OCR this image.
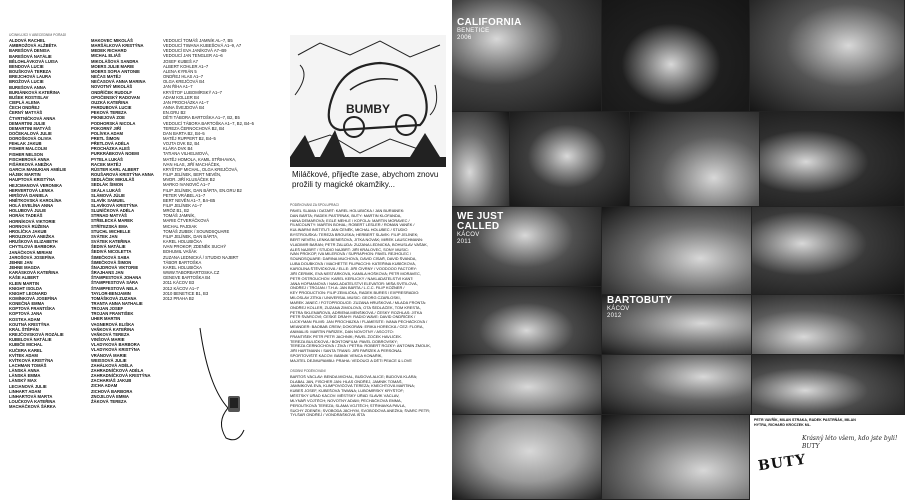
ÚČINKUJÍCÍ V ABECEDNÍM POŘADÍ
ALDOVÁ RACHEL
AMBROŽOVÁ ALŽBĚTA
BAREŠOVÁ DENISA
BAREŠOVÁ NATÁLIE
BĚLOHLÁVKOVÁ LUISA
BENDOVÁ LUCIE
BOUŠKOVÁ TEREZA
BREJCHOVÁ LAURA
BROŽOVÁ LUCIE
BUREŠOVÁ ANNA
BURIÁNKOVÁ KATEŘINA
BUŠEK ROSTISLAV
CIEPLÁ ALENA
ČECH ONDŘEJ
ČERNÝ MATYÁŠ
ČTVRTNÍČKOVÁ ANNA
DEMARTINI JULIE
DEMARTINI MATYÁŠ
DOČEKALOVÁ JULIE
DOROŠKOVÁ OLIVIA
FEHLAK JAKUB
FISHER MALCOLM
FISHER NELSON
FISCHEROVÁ ANNA
FIŠÁRKOVÁ ANEŽKA
GARCIA MANUKIAN AMÉLIE
HÁJEK MARTIN
HAUPTOVÁ KRISTÝNA
HEJCMANOVÁ VERONIKA
HERVERTOVÁ LENKA
HIRŠOVÁ DANIELA
HNĚTKOVSKÁ KAROLÍNA
HOLÁ EVELÍNA ANNA
HOLUBOVÁ JULIE
HORÁK TADEÁŠ
HORNÍKOVÁ VIKTORIE
HORNOVÁ RŮŽENA
HROLÍČKA JAKUB
HROUZKOVÁ ANEŽKA
HRUŠKOVÁ ELIZABETH
CHYTILOVÁ BARBORA
JANÁČKOVÁ MIRIAM
JAROŠOVÁ JOSEFÍNA
JEHNE JAN
JEHNE MAGDA
KARÁSKOVÁ KATEŘINA
KÁŠE ALBERT
KLEIN MARTIN
KNIGHT ISOLDA
KNIGHT LEONARD
KOMÍNKOVÁ JOSEFÍNA
KONEČNÁ EMMA
KOPTOVÁ FRANTIŠKA
KOPTOVÁ JANA
KOSTKA ADAM
KOUTNÁ KRISTÝNA
KRÁL ŠTĚPÁN
KREJČOVSKOVÁ ROZÁLIE
KUBELOVÁ NATÁLIE
KUBIČE MICHAL
KUČERA KAREL
KVÍTEK ADAM
KVÍTKOVÁ KRISTÝNA
LACHMAN TOMÁŠ
LÁNSKÁ ANNA
LÁNSKÁ EMMA
LÁNSKÝ MAX
LECIANOVÁ JULIE
LINHART ADAM
LINHARTOVÁ MARTA
LOUČKOVÁ KATEŘINA
MACHÁČKOVÁ ŠÁRKA
MAKOVEC MIKOLÁŠ
MARŠÁLKOVÁ KRISTÝNA
MEDEK RICHARD
MICHAL ELIÁŠ
MIKOLÁŠOVÁ SANDRA
MOERS JULIE MARIE
MOERS SOFIA ANTONIE
NEČAS MATĚJ
NEČASOVÁ ANNA MARINA
NOVOTNÝ MIKOLÁŠ
ONDŘÍČEK RUDOLF
OPOČENSKÝ RADOVAN
OUZKÁ KATEŘINA
PARDUBOVÁ LUCIE
PEKOVÁ TEREZA
PIKNEJOVÁ ZOE
PODHORSKÁ NICOLA
POKORNÝ JIŘÍ
POLÍVKA ADAM
PRETL ŠIMON
PŘETLOVÁ ADÉLA
PROCHÁZKA ALEŠ
PURKRÁBKOVÁ NOEMI
PYTELA LUKÁŠ
RACEK MATĚJ
RŮSTER KARL ALBERT
ROUŠAROVÁ KRISTÝNA ANNA
SEDLÁČEK MIKULÁŠ
SEDLÁK ŠIMON
SKÁLA LUKÁŠ
SLÁMOVÁ JÚLIE
SLAVÍK SAMUEL
SLAVÍKOVÁ KRISTÝNA
SLUNÍČKOVÁ ADÉLA
STRNAD MATYÁŠ
STŘELECKÁ MAREK
STŘÍTEZSKÁ EMA
STUCHL MICHELLE
SVÁTEK JAN
SVÁTEK KATEŘINA
ŠEDIVÁ NATÁLIE
ŠEDIVÁ NICOLETTA
ŠIMEČKOVÁ SABA
ŠIMEČKOVÁ ŠIMON
ŠNAJDROVÁ VIKTORIE
ŠRAJHANS JAN
ŠTAMPESTOVÁ JOHANA
ŠTAMPFESTOVÁ SÁRA
ŠTAMPFESTOVÁ NELA
TAYLOR-BENJAMIN
TOMÁŠKOVÁ ZUZANA
TRANTA ANNA NATHALIE
TROJAN JOSEF
TROJAN FRANTIŠEK
UHER MARTIN
VAGNEROVÁ ELIŠKA
VAŇKOVÁ KATEŘINA
VAŇKOVÁ TEREZA
VINŠOVÁ MARIE
VLADYKOVÁ BARBORA
VLADYKOVÁ KRISTÝNA
VRÁNOVÁ MARIE
WEISSOVÁ JULIE
ZAHÁLKOVÁ ADÉLA
ZAHRADNÍČKOVÁ ADÉLA
ZAHRADNÍČKOVÁ KRISTÝNA
ZACHARIÁŠ JAKUB
ZICHA ADAM
ZICHOVÁ BARBORA
ZNOJILOVÁ EMMA
ŽÁKOVÁ TEREZA
VEDOUCÍ TOMÁŠ JAMNÍK AL–7, B5
VEDOUCÍ TIWANA KUBEŠOVÁ A1–9, A7
VEDOUCÍ EVA JANÍKOVÁ A7–B9
VEDOUCÍ JAN TENGLER A1–6
JOSEF KUBEŠ A7
ALBERT KOHLER A1–7
ALENA KYRIÁN 5
ONDŘEJ HLAS A1–7
OLGA KREJČOVÁ B4
JAN ŘÍHA A1–7
KRYŠTOF LUBOMÍRSKÝ A1–7
ADAM KOLLER B4
JAN PROCHÁZKA A1–7
ANNA ŠVEJDOVÁ B4
EN.GRU B2
DĚTI TÁBORA BARTOŠKA A1–7, B2, B5
VEDOUCÍ TÁBORA BARTOŠKA A1–7, B2, B4–5
TEREZA ČERNOCHOVÁ B2, B4
DAN BARTA B2, B4–5
MATĚJ RUPPERT B2, B4–5
VOJTA DVK B2, B4
KLÁRA DVK B4
TATIANA VILHELMOVÁ,
MATĚJ HOMOLA, KAMIL STŘIHAVKA,
IVAN HLAS, JIŘÍ MACHÁČEK,
KRYŠTOF MICHAL, OLGA KREJČOVÁ,
FILIP JELÍNEK, BERT NEVĚN,
MVDR. JIŘÍ KLUSÁČEK B2
MARKO IVANOVIČ A1–7
FILIP JELÍNEK, DAN BÁRTA, EN.GRU B2
PETER VRÁBEL A1–7
BERT NEVĚN A1–7, B4–B5
FILIP JELÍNEK A1–7
MRÓZ B1, B2
TOMÁŠ JAMNÍK,
MARIE ČTVERÁČKOVÁ
MICHAL PAJDIAK
TOMÁŠ ZUBEK / SOUNDSQUARE
FILIP JELÍNEK, DAN BÁRTA,
KAREL HOLUBIČKA
IVAN PROKOP, ZDENĚK SUCHÝ
BOHUMIL VAŠÁK
ZUZANA LEDNICKÁ / STUDIO NAJBRT
TÁBOR BARTOŠKA
KAREL HOLUBIČKA
WWW.TABORBARTOSKA.CZ
GENEVE BARTOŠKA B4
2011 KÁCOV B3
2012 KÁCOV A1–7
2010 BENETICE B1, B3
2012 PRAHA B2
BUMBY
Miláčkové, přijeďte zase, abychom znovu prožili ty magické okamžiky...
PODĚKOVÁNÍ ZA SPOLUPRÁCI
PAVEL SLÁMA / DATART: KAREL HOLUBIČKA / JAN BURIÁNEK:
DAN BÁRTA; RADEK PASTRŇÁK, BUTY: MARTIN KLOFANDA,
HANA DEMAROVÁ; EGLÉ MEHLE / KOFOLA: MARTIN MORAVEC /
FILMCOUNTY: MARTIN BOHAL; ROBERT LESLER / ROMAN VANĚK /
KULINÁRNÍ INSTITUT: JAN ČENĚK, MICHAL HOLUBEC / STUDIO
BYSTROUŠKA: TEREZA BROUSKA; HERBERT SLAVÍK: FILIP JELÍNEK;
BERT NEVĚN; LENKA BENEŠOVÁ, JITKA NOVÁK; MIREK LAUSCHMANN:
VLADIMÍR BARAN; PETR ŽALUDA: ZUZANA LEDNICKÁ, BOHUSLAV VAŠÁK,
ALEŠ NAJBRT / STUDIO NAJBRT: JIŘÍ KRÁLOVEC, SONY MUSIC:
IVAN PROKOP, IVA MILEROVÁ / SUPRAPHON: PAVEL REJHOLEC /
SOUNDSQUARE: DARINA MUCHOVÁ, DAVID CÍSAŘ, DAVID ŠVANDA,
LUBA DOUBKOVÁ / MACHETTE FILIPACCHI: KATEŘINA KUBÍČKOVÁ,
KAROLÍNA ŠTĚVÍČKOVÁ / ELLE: JIŘÍ ČIVRNÝ / VOODOOO FACTORY:
JIŘÍ ČERMÍK, EVA NESTÁRKOVÁ, KAMILA HOŠKOVÁ; PETR MORAVEC,
PETR OSTROUCHOV: KAREL KERLICKÝ / NAKLADATELSTVÍ KANT:
JANA HOFMANOVÁ / NAKLADATELSTVÍ ELEVATOR: MÍŠA SVÍTILOVÁ,
ONDŘEJ / TROJAN / T.H.A: JAN BÁRTA / L.C.C. FILIP KOŽNER /
KEY PRODUCTION: FILIP ZEMLIČKA, RADEK BURES / EXPRESRADIO:
MILOSLAV ZÍTKA / UNIVERSAL MUSIC: GEORG CZARLOSKI,
MAREK JANEČ / FOTOPRODUCE: ZUZANA HRUŠKOVÁ / MLADÁ FRONTA:
ONDŘEJ KOLLER, ZUZANA ZIMOLOVÁ, OTA ŠEDLÁČEK, TOM KRESTA,
PETRA SKLENÁŘOVÁ, ADRIENA MENŠÍKOVÁ / ČESKÝ ROZHLAS: JITKA
PETR ŠVARCOVÍ; ČESKÉ DRÁHY: RADIO WAVE: DAVID ONDŘÍČEK /
LUCKYMAN FILMS: JAN PROCHÁZKA / FLAMESITE: IVANA PECHÁČKOVÁ /
MEANDER: BAOBAB CREW; DOKORÁN: ERIKA HORECKÁ / ČEZ: FLORA,
ANIMALIS: MARTIN PAŘÍZEK, DAN NOVOTNÝ / ASCOTO:
FRANTIŠEK PETR PETR JACHNÍK; PAVEL ŽOČEK HAVLÍČEK.
TEREZA BULÍČKOVÁ / BONTONFILM: PAVEL DOBROVSKÝ;
TEREZA ČERNOCHOVÁ / ŽIVÁ / PETRA: ROBERT ROZKÝ: ANTONÍN ŽMOLÍK,
JIŘÍ HARTMANN / SANTA TRANS: JIŘÍ PAŘÍZEK A PERSONÁL
SPORTOVIŠTĚ KÁCOV: BÁBNÍK VENCA KONAŘÍK,
MAJITEL DEJMUPAMBU: PRAHA: VEDOUCÍ A DĚTI PEACE & LOVE
OSOBNÍ PODĚKOVÁNÍ
BARTOŠ VÁCLAV: BENDA MICHAL, BUDOVÁ ALICE; BUDOVÁ KLÁRA;
DLABAL JAN, FISCHER JAN: HLAS ONDŘEJ, JAMNÍK TOMÁŠ,
JAMNÍKOVÁ EVA, KLIMPOVIČOVÁ TEREZA; KNECHTOVÁ MARTINA;
KUBEŠ JOSEF, KUBEŠOVÁ TIWANA; LUBOMÍRSKÝ KRYŠTOF;
MĚSTSKÝ ÚŘAD KÁCOV: MĚSTSKÝ ÚŘAD SLAVÍK VÁCLAV,
MLYNÁŘ VOJTĚCH; NOVOTNÝ ADAM; PECHÁČKOVÁ EMMA,
PEROUTKOVÁ TEREZA; SLÁMA VOJTĚCH; STŘIHAVKA PAVLA,
SUCHÝ ZDENĚK; SVOBODA JÁCHYM, SVOBODOVÁ ANEŽKA; ŠVARC PETR;
TYLŠAR ONDŘEJ / VONDRÁŠKOVÁ ISTA
CALIFORNIA
BENETICE
2006
WE JUST
CALLED
KÁCOV
2011
BARTOBUTY
KÁCOV
2012
PETR VAVŘÍK, MILAN STRAKA, RADEK PASTRŇÁK, MILAN HYTRA, RICHARD KROCZEK ML.
Krásný léto všem, kdo jste byli! BUTY
BUTY
